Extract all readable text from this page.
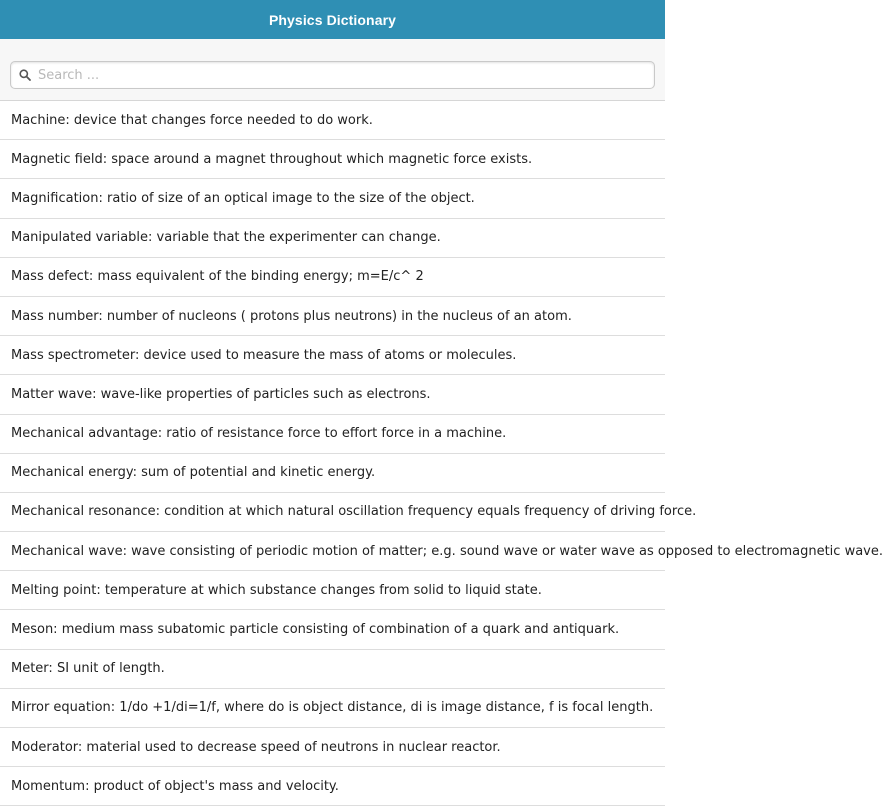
Physics Dictionary
Search ...
Machine: device that changes force needed to do work.
Magnetic field: space around a magnet throughout which magnetic force exists.
Magnification: ratio of size of an optical image to the size of the object.
Manipulated variable: variable that the experimenter can change.
Mass defect: mass equivalent of the binding energy; m=E/c^ 2
Mass number: number of nucleons ( protons plus neutrons) in the nucleus of an atom.
Mass spectrometer: device used to measure the mass of atoms or molecules.
Matter wave: wave-like properties of particles such as electrons.
Mechanical advantage: ratio of resistance force to effort force in a machine.
Mechanical energy: sum of potential and kinetic energy.
Mechanical resonance: condition at which natural oscillation frequency equals frequency of driving force.
Mechanical wave: wave consisting of periodic motion of matter; e.g. sound wave or water wave as opposed to electromagnetic wave.
Melting point: temperature at which substance changes from solid to liquid state.
Meson: medium mass subatomic particle consisting of combination of a quark and antiquark.
Meter: SI unit of length.
Mirror equation: 1/do +1/di=1/f, where do is object distance, di is image distance, f is focal length.
Moderator: material used to decrease speed of neutrons in nuclear reactor.
Momentum: product of object's mass and velocity.
